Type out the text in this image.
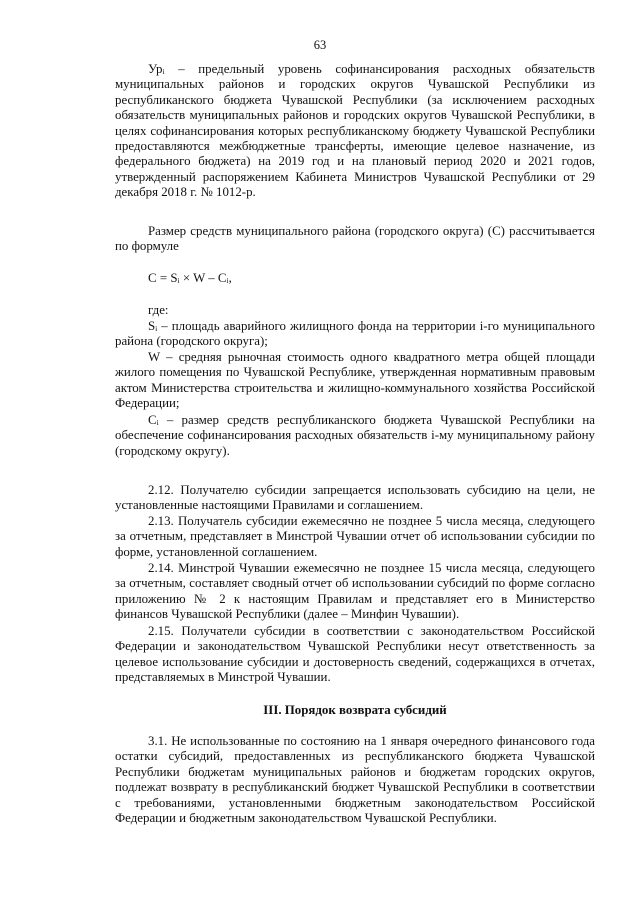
63
Урᵢ – предельный уровень софинансирования расходных обязательств муниципальных районов и городских округов Чувашской Республики из республиканского бюджета Чувашской Республики (за исключением расходных обязательств муниципальных районов и городских округов Чувашской Республики, в целях софинансирования которых республиканскому бюджету Чувашской Республики предоставляются межбюджетные трансферты, имеющие целевое назначение, из федерального бюджета) на 2019 год и на плановый период 2020 и 2021 годов, утвержденный распоряжением Кабинета Министров Чувашской Республики от 29 декабря 2018 г. № 1012-р.
Размер средств муниципального района (городского округа) (С) рассчитывается по формуле
С = Sᵢ × W – Сᵢ,
где:
Sᵢ – площадь аварийного жилищного фонда на территории i-го муниципального района (городского округа);
W – средняя рыночная стоимость одного квадратного метра общей площади жилого помещения по Чувашской Республике, утвержденная нормативным правовым актом Министерства строительства и жилищно-коммунального хозяйства Российской Федерации;
Сᵢ – размер средств республиканского бюджета Чувашской Республики на обеспечение софинансирования расходных обязательств i-му муниципальному району (городскому округу).
2.12. Получателю субсидии запрещается использовать субсидию на цели, не установленные настоящими Правилами и соглашением.
2.13. Получатель субсидии ежемесячно не позднее 5 числа месяца, следующего за отчетным, представляет в Минстрой Чувашии отчет об использовании субсидии по форме, установленной соглашением.
2.14. Минстрой Чувашии ежемесячно не позднее 15 числа месяца, следующего за отчетным, составляет сводный отчет об использовании субсидий по форме согласно приложению № 2 к настоящим Правилам и представляет его в Министерство финансов Чувашской Республики (далее – Минфин Чувашии).
2.15. Получатели субсидии в соответствии с законодательством Российской Федерации и законодательством Чувашской Республики несут ответственность за целевое использование субсидии и достоверность сведений, содержащихся в отчетах, представляемых в Минстрой Чувашии.
III. Порядок возврата субсидий
3.1. Не использованные по состоянию на 1 января очередного финансового года остатки субсидий, предоставленных из республиканского бюджета Чувашской Республики бюджетам муниципальных районов и бюджетам городских округов, подлежат возврату в республиканский бюджет Чувашской Республики в соответствии с требованиями, установленными бюджетным законодательством Российской Федерации и бюджетным законодательством Чувашской Республики.
